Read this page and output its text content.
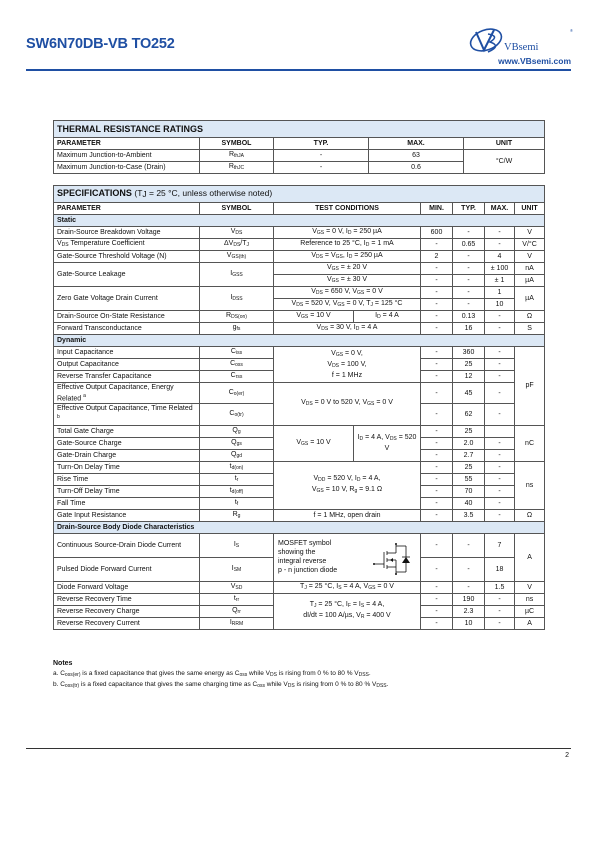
SW6N70DB-VB TO252
®
VBsemi
www.VBsemi.com
THERMAL RESISTANCE RATINGS				
PARAMETER	SYMBOL	TYP.	MAX.	UNIT
Maximum Junction-to-Ambient	$R_{thJA}$	-	63	°C/W
Maximum Junction-to-Case (Drain)	$R_{thJC}$	-	0.6	
SPECIFICATIONS ($T_J = 25$ °C, unless otherwise noted)							
PARAMETER	SYMBOL	TEST CONDITIONS		MIN.	TYP.	MAX.	UNIT
Static							
Drain-Source Breakdown Voltage	$V_{DS}$	$V_{GS} = 0$ V, $I_D = 250$ µA		600	-	-	V
$V_{DS}$ Temperature Coefficient	$\Delta V_{DS}/T_J$	Reference to 25 °C, $I_D = 1$ mA		-	0.65	-	V/°C
Gate-Source Threshold Voltage (N)	$V_{GS(th)}$	$V_{DS} = V_{GS}$, $I_D = 250$ µA		2	-	4	V
Gate-Source Leakage	$I_{GSS}$	$V_{GS}$ = ± 20 V		-	-	± 100	nA
		$V_{GS}$ = ± 30 V		-	-	± 1	µA
Zero Gate Voltage Drain Current	$I_{DSS}$	$V_{DS} = 650$ V, $V_{GS} = 0$ V		-	-	1	µA
		$V_{DS} = 520$ V, $V_{GS} = 0$ V, $T_J = 125$ °C		-	-	10	
Drain-Source On-State Resistance	$R_{DS(on)}$	$V_{GS} = 10$ V	$I_D = 4$ A	-	0.13	-	Ω
Forward Transconductance	$g_{fs}$	$V_{DS} = 30$ V, $I_D = 4$ A		-	16	-	S
Dynamic							
Input Capacitance	$C_{iss}$	$V_{GS} = 0$ V,
$V_{DS} = 100$ V,
f = 1 MHz		-	360	-	pF
Output Capacitance	$C_{oss}$			-	25	-	
Reverse Transfer Capacitance	$C_{rss}$			-	12	-	
Effective Output Capacitance, Energy Related $^a$	$C_{o(er)}$	$V_{DS} = 0$ V to 520 V, $V_{GS} = 0$ V		-	45	-	
Effective Output Capacitance, Time Related $^b$	$C_{o(tr)}$			-	62	-	
Total Gate Charge	$Q_g$	$V_{GS} = 10$ V	$I_D = 4$ A, $V_{DS} = 520$ V	-	25		nC
Gate-Source Charge	$Q_{gs}$			-	2.0	-	
Gate-Drain Charge	$Q_{gd}$			-	2.7	-	
Turn-On Delay Time	$t_{d(on)}$	$V_{DD} = 520$ V, $I_D = 4$ A,
$V_{GS} = 10$ V, $R_g = 9.1$ Ω		-	25	-	ns
Rise Time	$t_r$			-	55	-	
Turn-Off Delay Time	$t_{d(off)}$			-	70	-	
Fall Time	$t_f$			-	40	-	
Gate Input Resistance	$R_g$	f = 1 MHz, open drain		-	3.5	-	Ω
Drain-Source Body Diode Characteristics							
Continuous Source-Drain Diode Current	$I_S$	MOSFET symbol
showing the
integral reverse
p - n junction diode		-	-	7	A
Pulsed Diode Forward Current	$I_{SM}$			-	-	18	
Diode Forward Voltage	$V_{SD}$	$T_J = 25$ °C, $I_S = 4$ A, $V_{GS} = 0$ V		-	-	1.5	V
Reverse Recovery Time	$t_{rr}$	$T_J = 25$ °C, $I_F = I_S = 4$ A,
dI/dt = 100 A/µs, $V_R = 400$ V		-	190	-	ns
Reverse Recovery Charge	$Q_{rr}$			-	2.3	-	µC
Reverse Recovery Current	$I_{RRM}$			-	10	-	A
Notes
a. $C_{oss(er)}$ is a fixed capacitance that gives the same energy as $C_{oss}$ while $V_{DS}$ is rising from 0 % to 80 % $V_{DSS}$.
b. $C_{oss(tr)}$ is a fixed capacitance that gives the same charging time as $C_{oss}$ while $V_{DS}$ is rising from 0 % to 80 % $V_{DSS}$.
2
